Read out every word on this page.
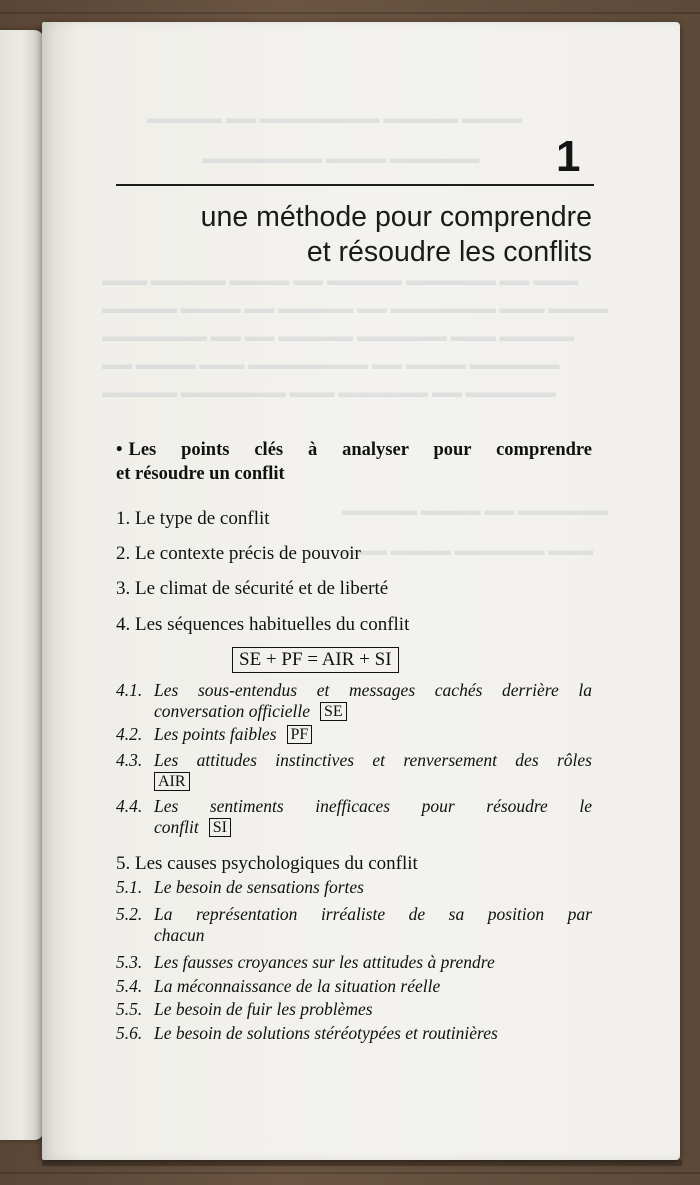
▬▬▬▬ ▬▬▬▬▬ ▬▬▬▬▬▬▬▬ ▬▬ ▬▬▬▬▬
▬▬▬▬▬▬ ▬▬▬▬ ▬▬▬▬▬▬▬▬
▬▬▬ ▬▬ ▬▬▬▬▬▬ ▬▬▬▬▬ ▬▬ ▬▬▬▬ ▬▬▬▬▬ ▬▬▬
▬▬▬▬ ▬▬▬ ▬▬▬▬▬▬▬ ▬▬ ▬▬▬▬▬ ▬▬ ▬▬▬▬ ▬▬▬▬▬
▬▬▬▬▬ ▬▬▬ ▬▬▬▬▬▬ ▬▬▬▬▬ ▬▬ ▬▬ ▬▬▬▬▬▬▬
▬▬▬▬▬▬ ▬▬▬▬ ▬▬ ▬▬▬▬▬▬▬▬ ▬▬▬ ▬▬▬▬ ▬▬
▬▬▬▬▬▬ ▬▬ ▬▬▬▬▬▬ ▬▬▬ ▬▬▬▬▬▬▬ ▬▬▬▬▬
▬▬▬▬▬▬ ▬▬ ▬▬▬▬ ▬▬▬▬▬
▬▬▬ ▬▬▬▬▬▬ ▬▬▬▬ ▬▬▬
1
une méthode pour comprendre
et résoudre les conflits
• Les points clés à analyser pour comprendre
et résoudre un conflit
1. Le type de conflit
2. Le contexte précis de pouvoir
3. Le climat de sécurité et de liberté
4. Les séquences habituelles du conflit
SE + PF = AIR + SI
4.1. Les sous-entendus et messages cachés derrière la
conversation officielle SE
4.2. Les points faibles PF
4.3. Les attitudes instinctives et renversement des rôles
AIR
4.4. Les sentiments inefficaces pour résoudre le
conflit SI
5. Les causes psychologiques du conflit
5.1. Le besoin de sensations fortes
5.2. La représentation irréaliste de sa position par
chacun
5.3. Les fausses croyances sur les attitudes à prendre
5.4. La méconnaissance de la situation réelle
5.5. Le besoin de fuir les problèmes
5.6. Le besoin de solutions stéréotypées et routinières
